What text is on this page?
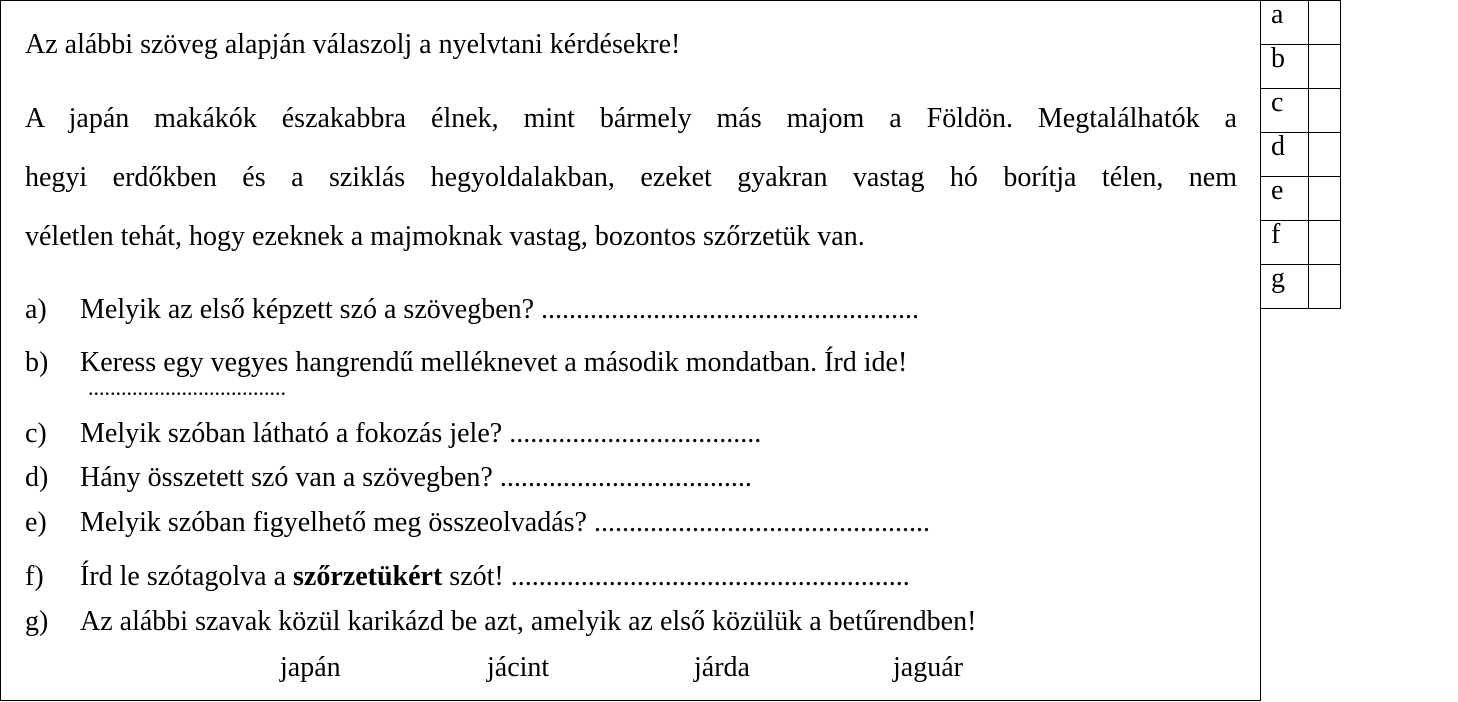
Az alábbi szöveg alapján válaszolj a nyelvtani kérdésekre!
A japán makákók északabbra élnek, mint bármely más majom a Földön. Megtalálhatók a
hegyi erdőkben és a sziklás hegyoldalakban, ezeket gyakran vastag hó borítja télen, nem
véletlen tehát, hogy ezeknek a majmoknak vastag, bozontos szőrzetük van.
a) Melyik az első képzett szó a szövegben? ......................................................
b) Keress egy vegyes hangrendű melléknevet a második mondatban. Írd ide!
....................................
c) Melyik szóban látható a fokozás jele? ....................................
d) Hány összetett szó van a szövegben? ....................................
e) Melyik szóban figyelhető meg összeolvadás? ................................................
f) Írd le szótagolva a szőrzetükért szót! .........................................................
g) Az alábbi szavak közül karikázd be azt, amelyik az első közülük a betűrendben!
japán	jácint	járda	jaguár
a	
b	
c	
d	
e	
f	
g	
